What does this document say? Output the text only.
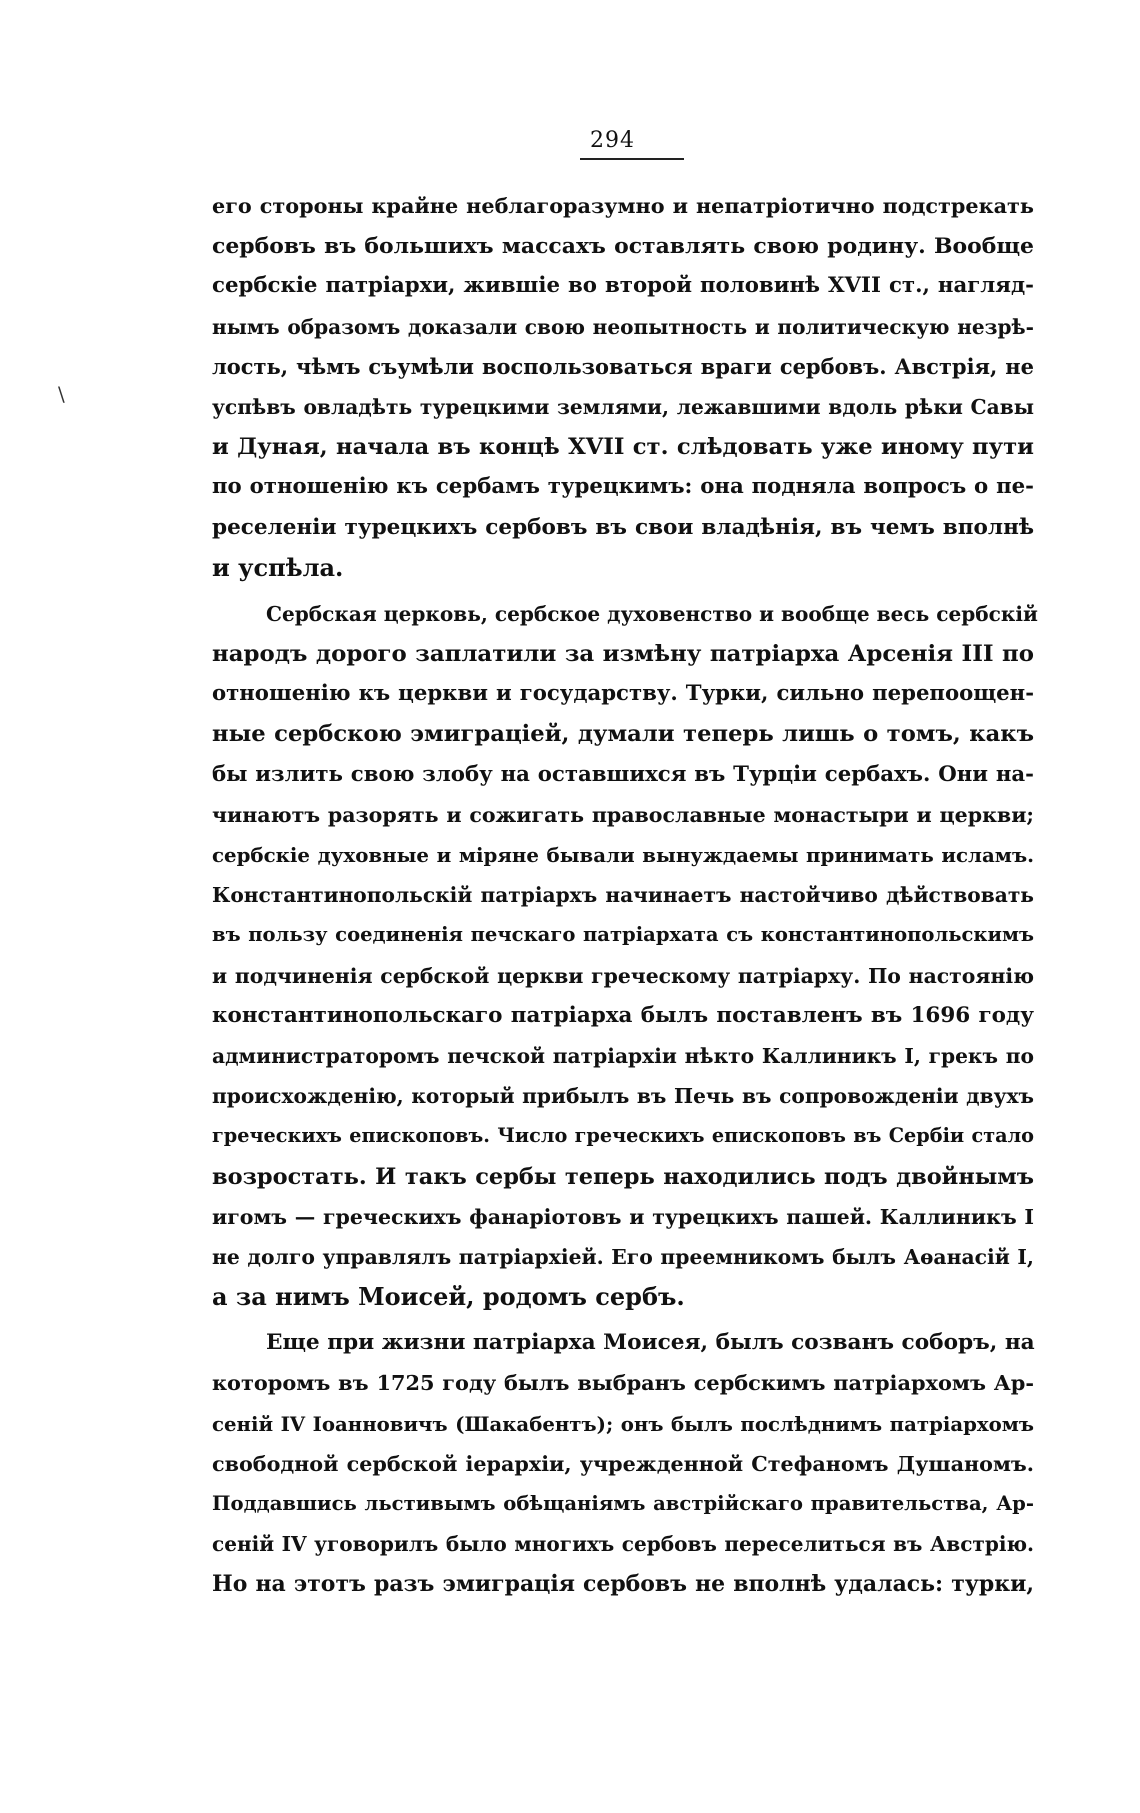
294
его стороны крайне неблагоразумно и непатріотично подстрекать
сербовъ въ большихъ массахъ оставлять свою родину. Вообще
сербскіе патріархи, жившіе во второй половинѣ XVII ст., нагляд-
нымъ образомъ доказали свою неопытность и политическую незрѣ-
лость, чѣмъ съумѣли воспользоваться враги сербовъ. Австрія, не
успѣвъ овладѣть турецкими землями, лежавшими вдоль рѣки Савы
и Дуная, начала въ концѣ XVII ст. слѣдовать уже иному пути
по отношенію къ сербамъ турецкимъ: она подняла вопросъ о пе-
реселеніи турецкихъ сербовъ въ свои владѣнія, въ чемъ вполнѣ
и успѣла.
Сербская церковь, сербское духовенство и вообще весь сербскій
народъ дорого заплатили за измѣну патріарха Арсенія III по
отношенію къ церкви и государству. Турки, сильно перепоощен-
ные сербскою эмиграціей, думали теперь лишь о томъ, какъ
бы излить свою злобу на оставшихся въ Турціи сербахъ. Они на-
чинаютъ разорять и сожигать православные монастыри и церкви;
сербскіе духовные и міряне бывали вынуждаемы принимать исламъ.
Константинопольскій патріархъ начинаетъ настойчиво дѣйствовать
въ пользу соединенія печскаго патріархата съ константинопольскимъ
и подчиненія сербской церкви греческому патріарху. По настоянію
константинопольскаго патріарха былъ поставленъ въ 1696 году
администраторомъ печской патріархіи нѣкто Каллиникъ I, грекъ по
происхожденію, который прибылъ въ Печь въ сопровожденіи двухъ
греческихъ епископовъ. Число греческихъ епископовъ въ Сербіи стало
возростать. И такъ сербы теперь находились подъ двойнымъ
игомъ — греческихъ фанаріотовъ и турецкихъ пашей. Каллиникъ I
не долго управлялъ патріархіей. Его преемникомъ былъ Аѳанасій I,
а за нимъ Моисей, родомъ сербъ.
Еще при жизни патріарха Моисея, былъ созванъ соборъ, на
которомъ въ 1725 году былъ выбранъ сербскимъ патріархомъ Ар-
сеній IV Іоанновичъ (Шакабентъ); онъ былъ послѣднимъ патріархомъ
свободной сербской іерархіи, учрежденной Стефаномъ Душаномъ.
Поддавшись льстивымъ обѣщаніямъ австрійскаго правительства, Ар-
сеній IV уговорилъ было многихъ сербовъ переселиться въ Австрію.
Но на этотъ разъ эмиграція сербовъ не вполнѣ удалась: турки,
\
